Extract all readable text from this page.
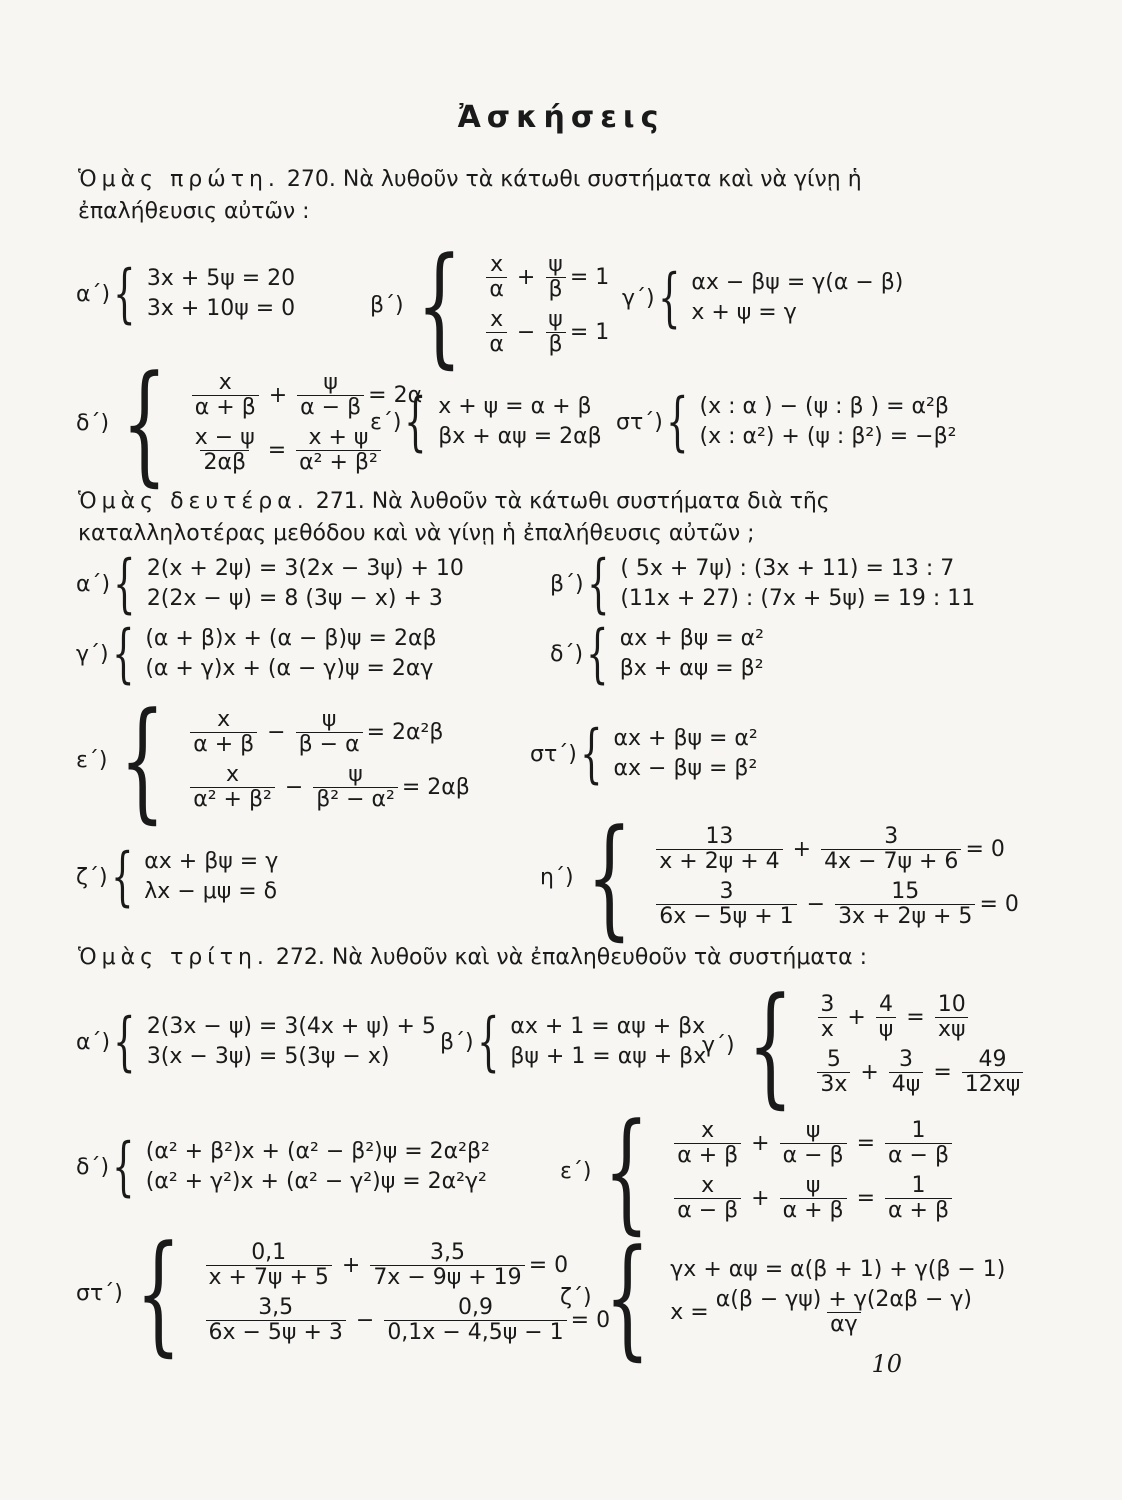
Ἀσκήσεις
Ὁμὰς πρώτη. 270. Νὰ λυθοῦν τὰ κάτωθι συστήματα καὶ νὰ γίνῃ ἡ ἐπαλήθευσις αὐτῶν :
α΄) { 3x + 5ψ = 20
3x + 10ψ = 0	β΄) { x
$\alpha + \frac{\psi}{\beta} = 1$
x
$\alpha - \frac{\psi}{\beta} = 1$
γ΄) { αx − βψ = γ(α − β)
x + ψ = γ
δ΄) { x
$\alpha + \beta + \frac{\psi}{\alpha - \beta} = 2\alpha$
$\frac{x - \psi}{2\alpha\beta} = \frac{x + \psi}{\text{α² + β²}}$
ε΄) { x + ψ = α + β
βx + αψ = 2αβ
στ΄) { (x : α ) − (ψ : β ) = α²β
(x : α²) + (ψ : β²) = −β²
Ὁμὰς δευτέρα. 271. Νὰ λυθοῦν τὰ κάτωθι συστήματα διὰ τῆς καταλληλοτέρας μεθόδου καὶ νὰ γίνῃ ἡ ἐπαλήθευσις αὐτῶν ;
α΄) { 2(x + 2ψ) = 3(2x − 3ψ) + 10
2(2x − ψ) = 8 (3ψ − x) + 3
β΄) { ( 5x + 7ψ) : (3x + 11) = 13 : 7
(11x + 27) : (7x + 5ψ) = 19 : 11
γ΄) { (α + β)x + (α − β)ψ = 2αβ
(α + γ)x + (α − γ)ψ = 2αγ
δ΄) { αx + βψ = α²
βx + αψ = β²
ε΄) { x
$\alpha + \beta - \frac{\psi}{\beta - \alpha} = 2\alpha^2\beta$
x
$\alpha^2 + \beta^2 - \frac{\psi}{\text{β² − α²}} = 2\alpha\beta$
στ΄) { αx + βψ = α²
αx − βψ = β²
ζ΄) { αx + βψ = γ
λx − μψ = δ
η΄) {	13
$x + 2\psi + 4 + \frac{3}{4x - 7\psi + 6} = 0$
3
$6x - 5\psi + 1 - \frac{15}{3x + 2\psi + 5} = 0$
Ὁμὰς τρίτη. 272. Νὰ λυθοῦν καὶ νὰ ἐπαληθευθοῦν τὰ συστήματα :
α΄) { 2(3x − ψ) = 3(4x + ψ) + 5
3(x − 3ψ) = 5(3ψ − x)
β΄) { αx + 1 = αψ + βx
βψ + 1 = αψ + βx
γ΄) { 3
$x + \frac{4}{\psi} = \frac{10}{x\psi}$
5
$3x + \frac{3}{4\psi} = \frac{49}{12x\psi}$
δ΄) { (α² + β²)x + (α² − β²)ψ = 2α²β²
(α² + γ²)x + (α² − γ²)ψ = 2α²γ²	ε΄) { x
$\alpha + \beta + \frac{\psi}{\alpha - \beta} = \frac{1}{\alpha - \beta}$
x
$\alpha - \beta + \frac{\psi}{\alpha + \beta} = \frac{1}{\alpha + \beta}$
στ΄) {	0,1
$x + 7\psi + 5 + \frac{3,5}{7x - 9\psi + 19} = 0$
3,5
$6x - 5\psi + 3 - \frac{0,9}{0,1x - 4,5\psi - 1} = 0$
ζ΄) { γx + αψ = α(β + 1) + γ(β − 1)
$x = \frac{\alpha(\beta - \gamma\psi) + \gamma(2\alpha\beta - \gamma)}{\alpha\gamma}$
10
